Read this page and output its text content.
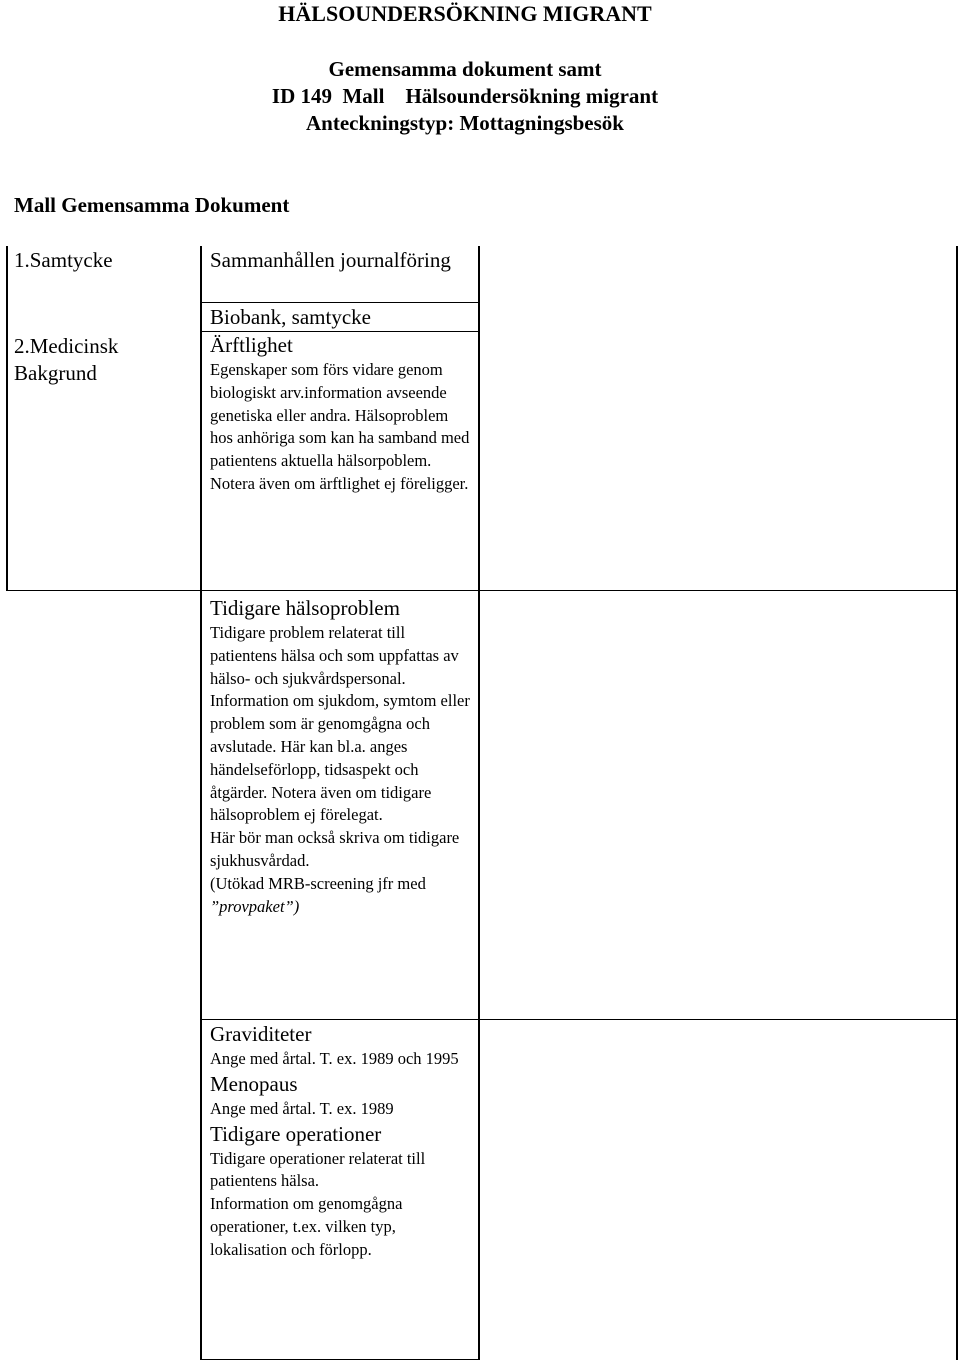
HÄLSOUNDERSÖKNING MIGRANT
Gemensamma dokument samt
ID 149  Mall    Hälsoundersökning migrant
Anteckningstyp: Mottagningsbesök
Mall Gemensamma Dokument
1.Samtycke
2.Medicinsk
Bakgrund
Sammanhållen journalföring
Biobank, samtycke

Ärftlighet

Egenskaper som förs vidare genom biologiskt arv.information avseende genetiska eller andra. Hälsoproblem hos anhöriga som kan ha samband med patientens aktuella hälsorpoblem. Notera även om ärftlighet ej föreligger.

Tidigare hälsoproblem

Tidigare problem relaterat till patientens hälsa och som uppfattas av hälso- och sjukvårdspersonal. Information om sjukdom, symtom eller problem som är genomgågna och avslutade. Här kan bl.a. anges händelseförlopp, tidsaspekt och åtgärder. Notera även om tidigare hälsoproblem ej förelegat.

Här bör man också skriva om tidigare sjukhusvårdad.

(Utökad MRB-screening jfr med

”provpaket”)

Graviditeter

Ange med årtal. T. ex. 1989 och 1995

Menopaus

Ange med årtal. T. ex. 1989

Tidigare operationer

Tidigare operationer relaterat till patientens hälsa.

Information om genomgågna operationer, t.ex. vilken typ, lokalisation och förlopp.
